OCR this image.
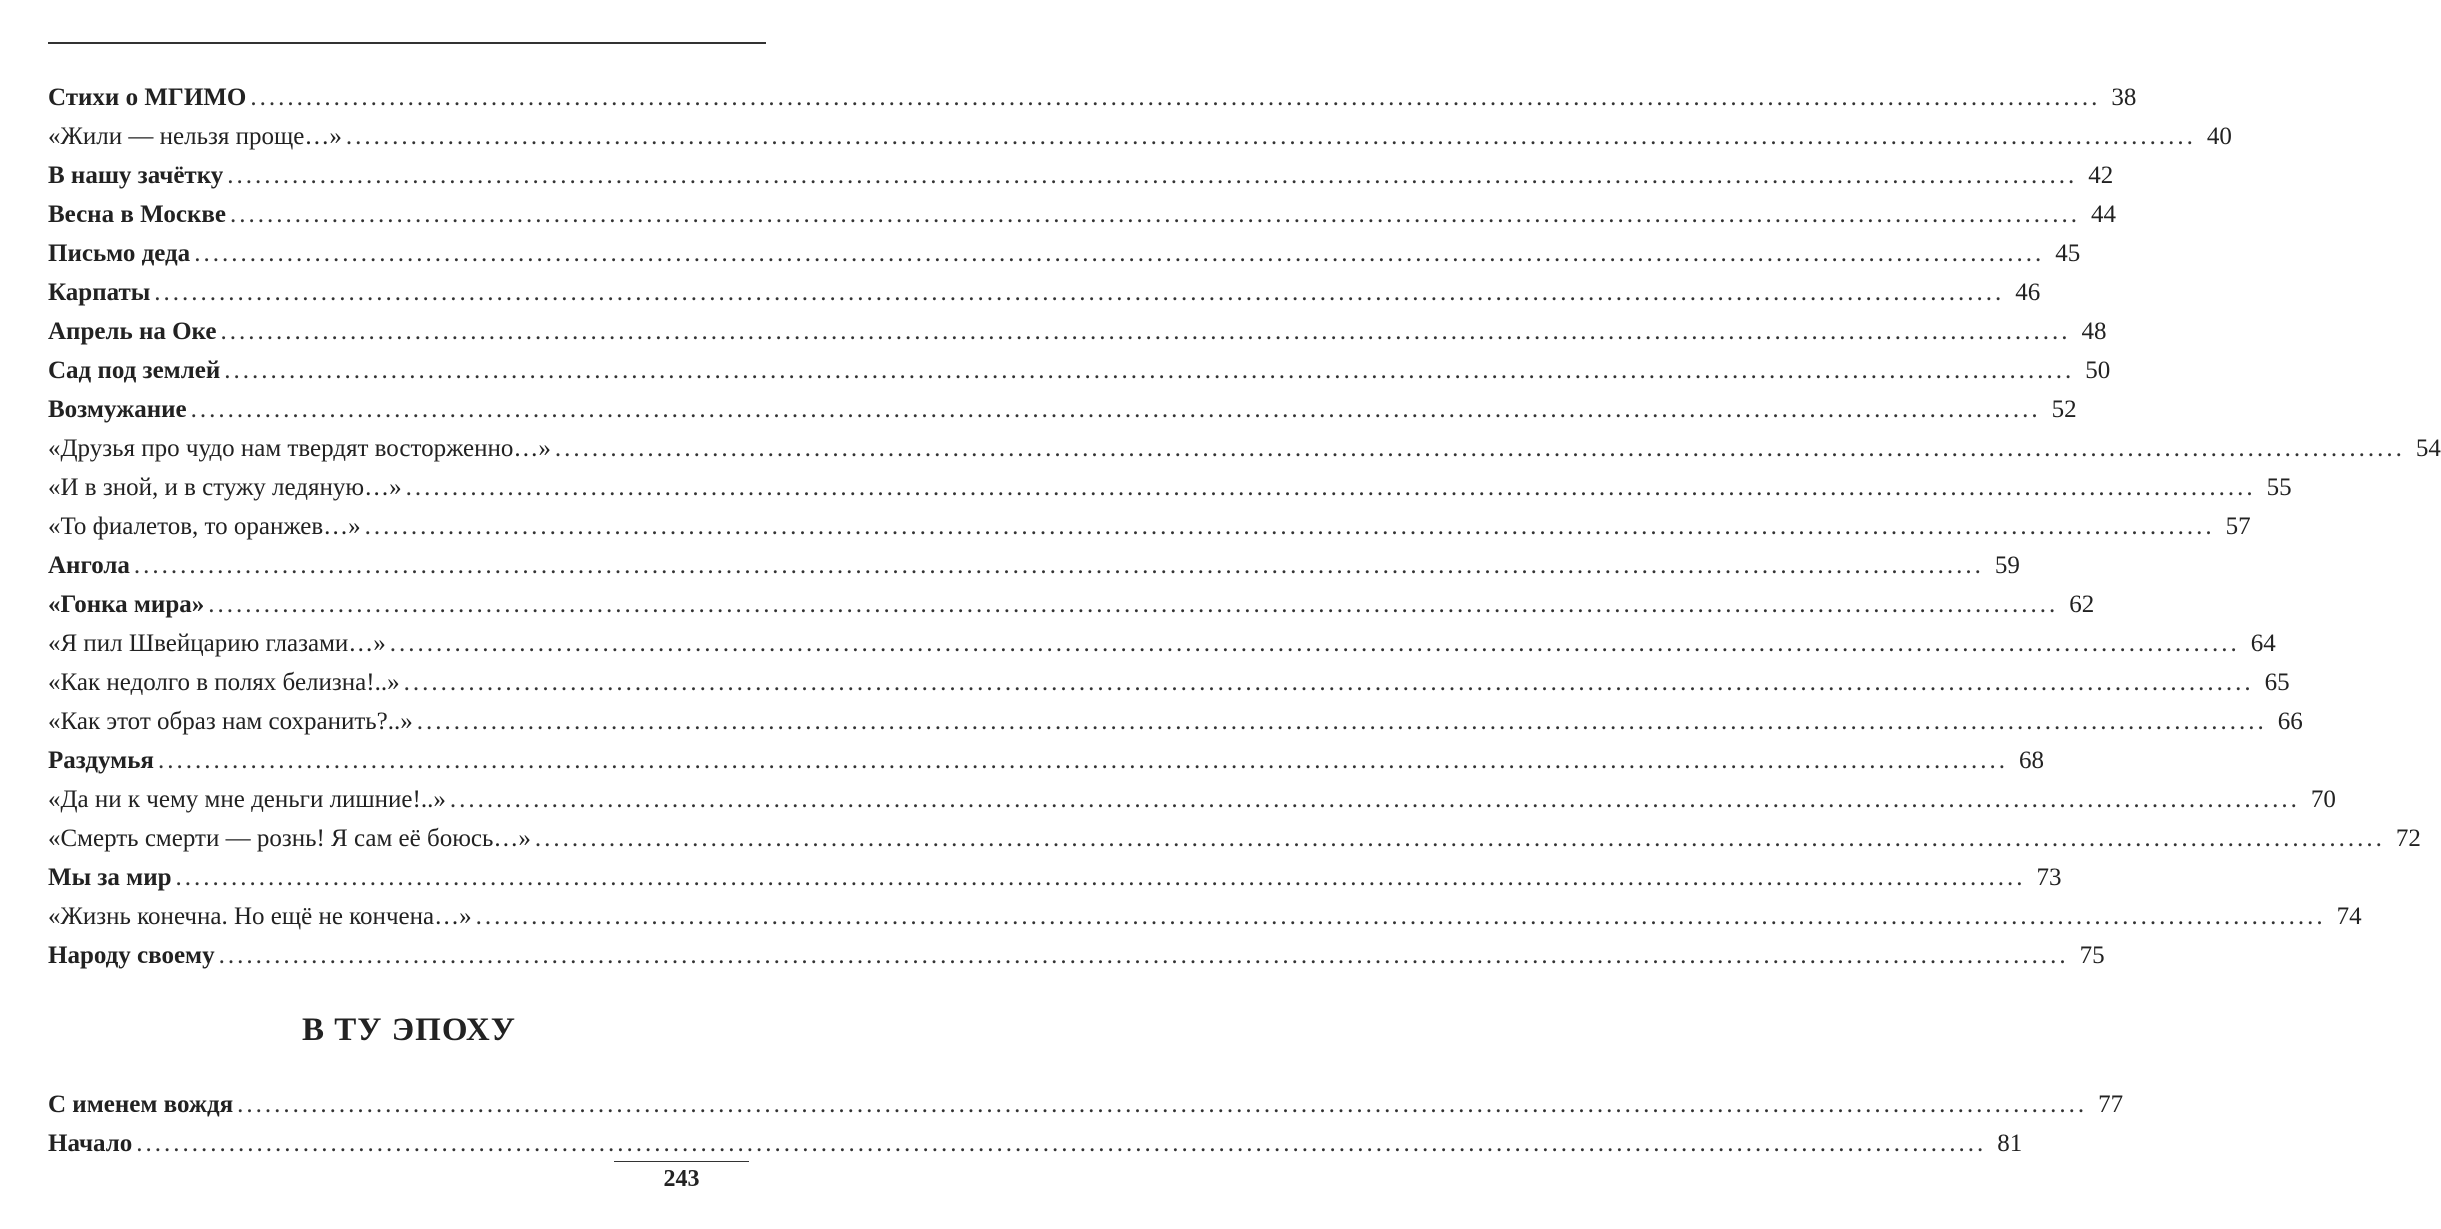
Стихи о МГИМО ........................................................................................................................................................................................................ 38
«Жили — нельзя проще…» ........................................................................................................................................................................................................ 40
В нашу зачётку ........................................................................................................................................................................................................ 42
Весна в Москве ........................................................................................................................................................................................................ 44
Письмо деда ........................................................................................................................................................................................................ 45
Карпаты ........................................................................................................................................................................................................ 46
Апрель на Оке ........................................................................................................................................................................................................ 48
Сад под землей ........................................................................................................................................................................................................ 50
Возмужание ........................................................................................................................................................................................................ 52
«Друзья про чудо нам твердят восторженно…» ........................................................................................................................................................................................................ 54
«И в зной, и в стужу ледяную…» ........................................................................................................................................................................................................ 55
«То фиалетов, то оранжев…» ........................................................................................................................................................................................................ 57
Ангола ........................................................................................................................................................................................................ 59
«Гонка мира» ........................................................................................................................................................................................................ 62
«Я пил Швейцарию глазами…» ........................................................................................................................................................................................................ 64
«Как недолго в полях белизна!..» ........................................................................................................................................................................................................ 65
«Как этот образ нам сохранить?..» ........................................................................................................................................................................................................ 66
Раздумья ........................................................................................................................................................................................................ 68
«Да ни к чему мне деньги лишние!..» ........................................................................................................................................................................................................ 70
«Смерть смерти — рознь! Я сам её боюсь…» ........................................................................................................................................................................................................ 72
Мы за мир ........................................................................................................................................................................................................ 73
«Жизнь конечна. Но ещё не кончена…» ........................................................................................................................................................................................................ 74
Народу своему ........................................................................................................................................................................................................ 75
В ТУ ЭПОХУ
С именем вождя ........................................................................................................................................................................................................ 77
Начало ........................................................................................................................................................................................................ 81
243
